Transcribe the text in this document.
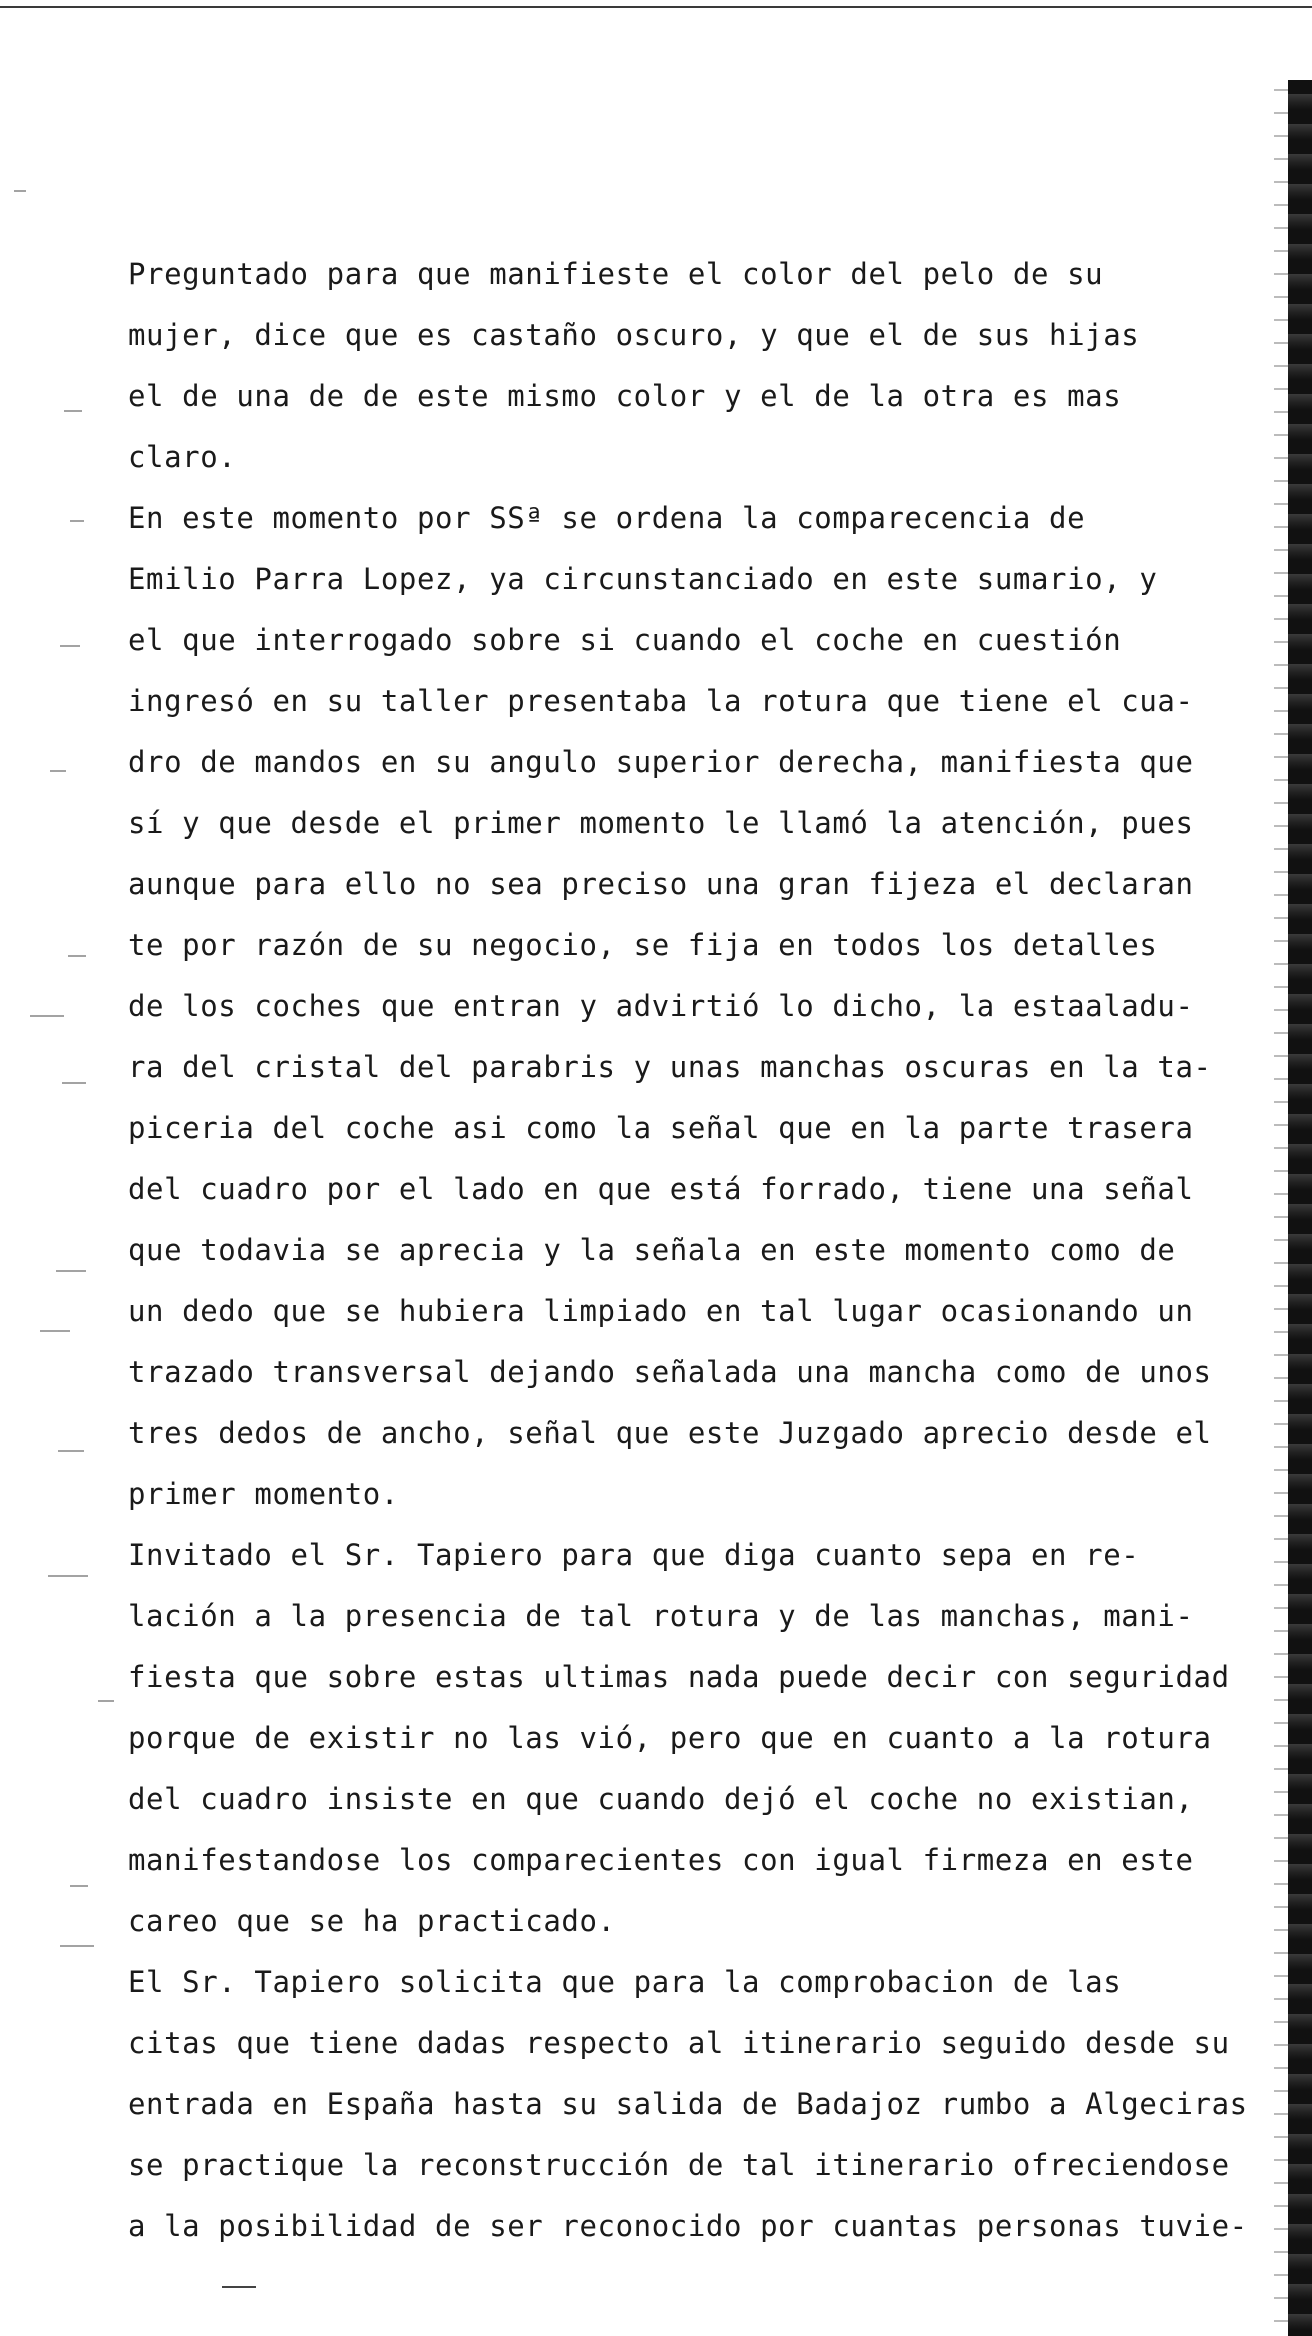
Preguntado para que manifieste el color del pelo de su
mujer, dice que es castaño oscuro, y que el de sus hijas
el de una de de este mismo color y el de la otra es mas
claro.
En este momento por SSª se ordena la comparecencia de
Emilio Parra Lopez, ya circunstanciado en este sumario, y
el que interrogado sobre si cuando el coche en cuestión
ingresó en su taller presentaba la rotura que tiene el cua-
dro de mandos en su angulo superior derecha, manifiesta que
sí y que desde el primer momento le llamó la atención, pues
aunque para ello no sea preciso una gran fijeza el declaran
te por razón de su negocio, se fija en todos los detalles
de los coches que entran y advirtió lo dicho, la estaaladu-
ra del cristal del parabris y unas manchas oscuras en la ta-
piceria del coche asi como la señal que en la parte trasera
del cuadro por el lado en que está forrado, tiene una señal
que todavia se aprecia y la señala en este momento como de
un dedo que se hubiera limpiado en tal lugar ocasionando un
trazado transversal dejando señalada una mancha como de unos
tres dedos de ancho, señal que este Juzgado aprecio desde el
primer momento.
Invitado el Sr. Tapiero para que diga cuanto sepa en re-
lación a la presencia de tal rotura y de las manchas, mani-
fiesta que sobre estas ultimas nada puede decir con seguridad
porque de existir no las vió, pero que en cuanto a la rotura
del cuadro insiste en que cuando dejó el coche no existian,
manifestandose los comparecientes con igual firmeza en este
careo que se ha practicado.
El Sr. Tapiero solicita que para la comprobacion de las
citas que tiene dadas respecto al itinerario seguido desde su
entrada en España hasta su salida de Badajoz rumbo a Algeciras
se practique la reconstrucción de tal itinerario ofreciendose
a la posibilidad de ser reconocido por cuantas personas tuvie-
